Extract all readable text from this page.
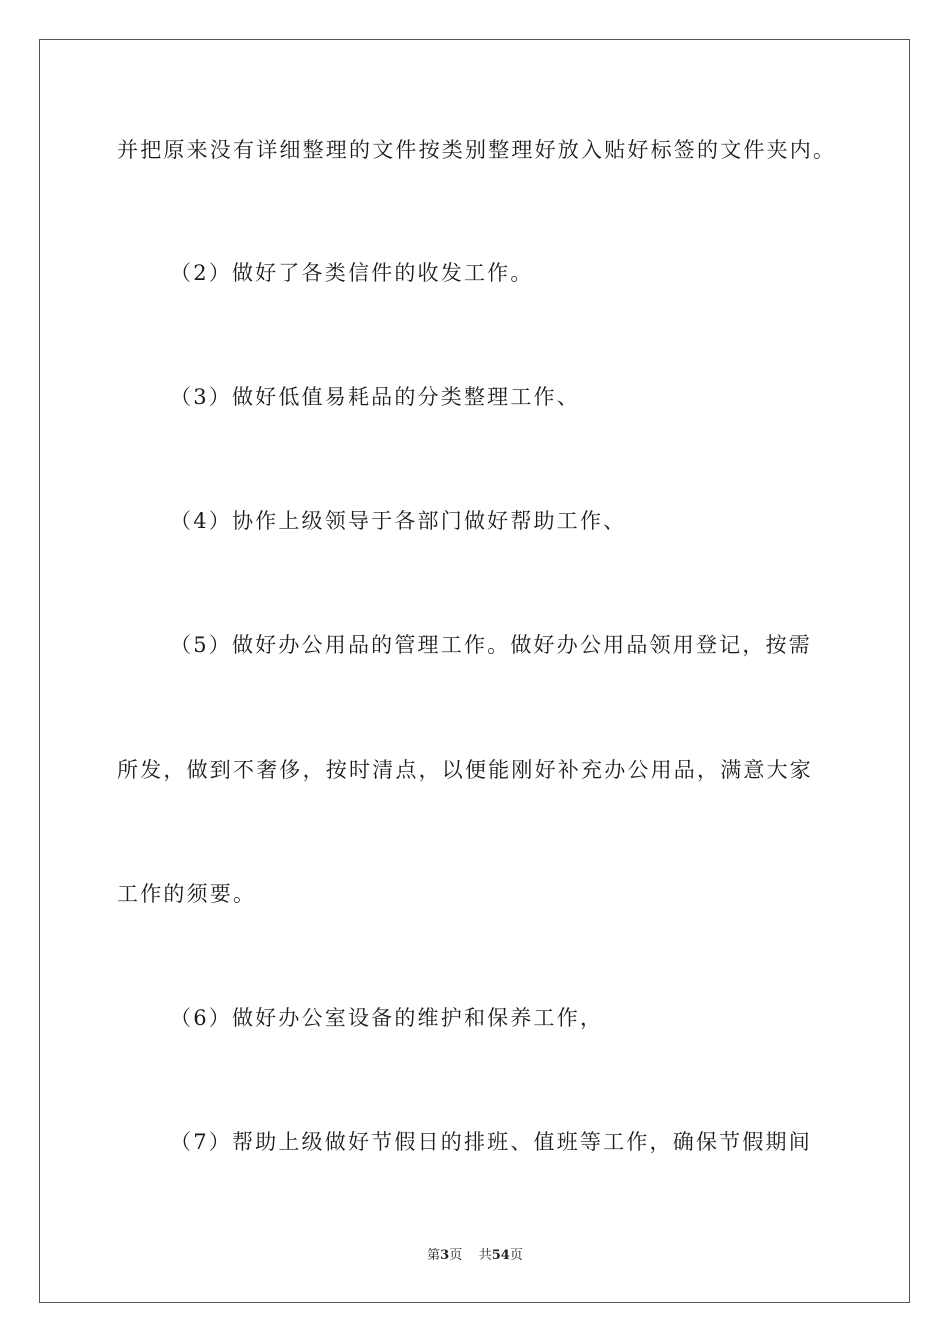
并把原来没有详细整理的文件按类别整理好放入贴好标签的文件夹内。
（2）做好了各类信件的收发工作。
（3）做好低值易耗品的分类整理工作、
（4）协作上级领导于各部门做好帮助工作、
（5）做好办公用品的管理工作。做好办公用品领用登记，按需
所发，做到不奢侈，按时清点，以便能刚好补充办公用品，满意大家
工作的须要。
（6）做好办公室设备的维护和保养工作，
（7）帮助上级做好节假日的排班、值班等工作，确保节假期间
第3页 共54页
